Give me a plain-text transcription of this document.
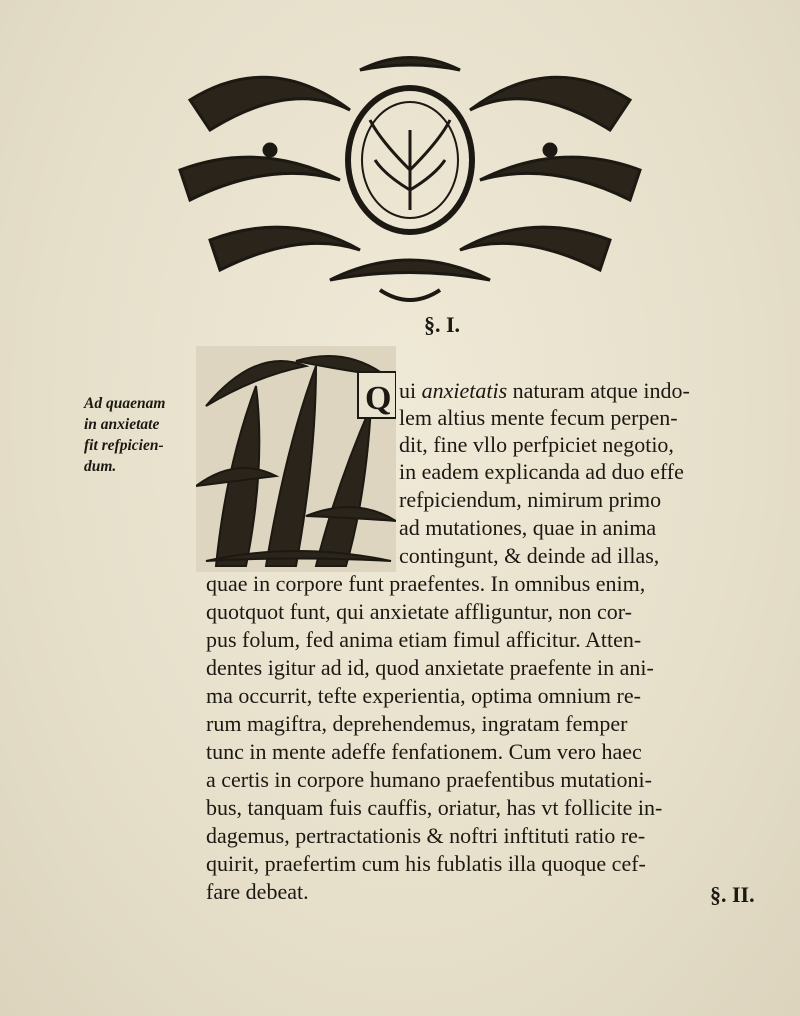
§. I.
Ad quaenam
in anxietate
fit refpicien-
dum.
Q ui anxietatis naturam atque indo-
lem altius mente fecum perpen-
dit, fine vllo perfpiciet negotio,
in eadem explicanda ad duo effe
refpiciendum, nimirum primo
ad mutationes, quae in anima
contingunt, & deinde ad illas,
quae in corpore funt praefentes. In omnibus enim,
quotquot funt, qui anxietate affliguntur, non cor-
pus folum, fed anima etiam fimul afficitur. Atten-
dentes igitur ad id, quod anxietate praefente in ani-
ma occurrit, tefte experientia, optima omnium re-
rum magiftra, deprehendemus, ingratam femper
tunc in mente adeffe fenfationem. Cum vero haec
a certis in corpore humano praefentibus mutationi-
bus, tanquam fuis cauffis, oriatur, has vt follicite in-
dagemus, pertractationis & noftri inftituti ratio re-
quirit, praefertim cum his fublatis illa quoque cef-
fare debeat.	§. II.
